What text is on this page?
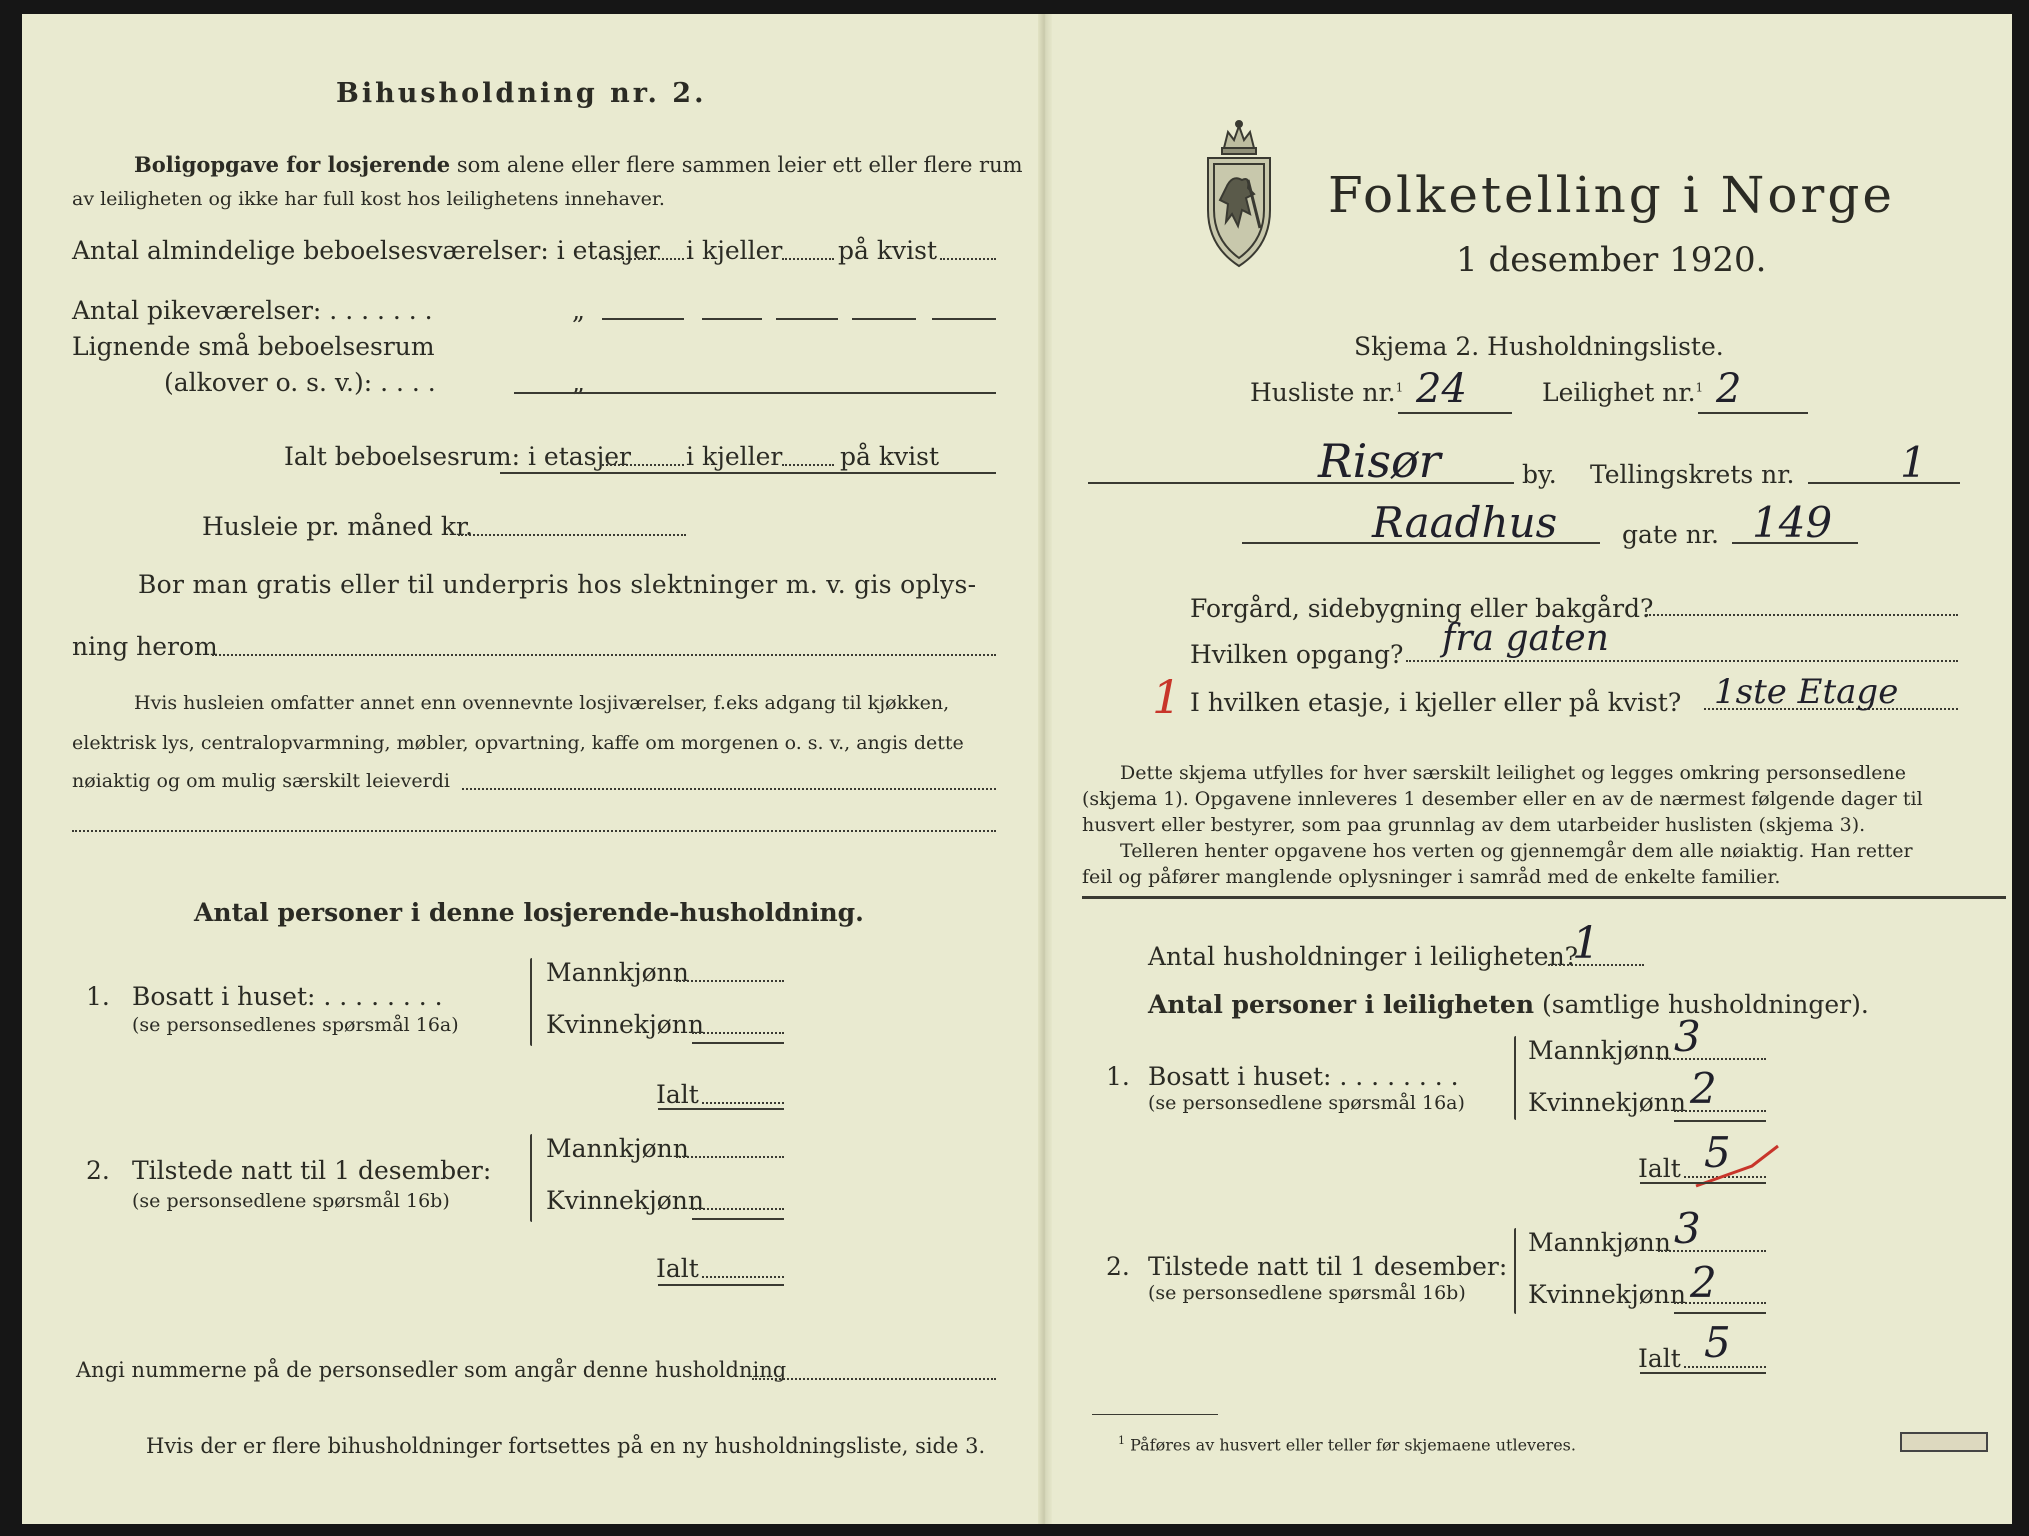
Bihusholdning nr. 2.
Boligopgave for losjerende som alene eller flere sammen leier ett eller flere rum
av leiligheten og ikke har full kost hos leilighetens innehaver.
Antal almindelige beboelsesværelser: i etasjer i kjeller på kvist
Antal pikeværelser: . . . . . . .	„
Lignende små beboelsesrum
(alkover o. s. v.): . . . .	„
Ialt beboelsesrum: i etasjer i kjeller på kvist
Husleie pr. måned kr.
Bor man gratis eller til underpris hos slektninger m. v. gis oplys-
ning herom
Hvis husleien omfatter annet enn ovennevnte losjiværelser, f.eks adgang til kjøkken,
elektrisk lys, centralopvarmning, møbler, opvartning, kaffe om morgenen o. s. v., angis dette
nøiaktig og om mulig særskilt leieverdi
Antal personer i denne losjerende-husholdning.
1. Bosatt i huset: . . . . . . . .
(se personsedlenes spørsmål 16a)
Mannkjønn
Kvinnekjønn
Ialt
2. Tilstede natt til 1 desember:
(se personsedlene spørsmål 16b)
Mannkjønn
Kvinnekjønn
Ialt
Angi nummerne på de personsedler som angår denne husholdning
Hvis der er flere bihusholdninger fortsettes på en ny husholdningsliste, side 3.
Folketelling i Norge
1 desember 1920.
Skjema 2. Husholdningsliste.
Husliste nr.$^1$ 24	Leilighet nr.$^1$ 2
Risør	by. Tellingskrets nr.	1
Raadhus	gate nr. 149
Forgård, sidebygning eller bakgård?
Hvilken opgang? fra gaten
1 I hvilken etasje, i kjeller eller på kvist? 1ste Etage
Dette skjema utfylles for hver særskilt leilighet og legges omkring personsedlene
(skjema 1). Opgavene innleveres 1 desember eller en av de nærmest følgende dager til
husvert eller bestyrer, som paa grunnlag av dem utarbeider huslisten (skjema 3).
Telleren henter opgavene hos verten og gjennemgår dem alle nøiaktig. Han retter
feil og påfører manglende oplysninger i samråd med de enkelte familier.
Antal husholdninger i leiligheten?
1
Antal personer i leiligheten (samtlige husholdninger).
1. Bosatt i huset: . . . . . . . .
(se personsedlene spørsmål 16a)
Mannkjønn 3
Kvinnekjønn 2
Ialt 5
2. Tilstede natt til 1 desember:
(se personsedlene spørsmål 16b)
Mannkjønn 3
Kvinnekjønn 2
Ialt 5
$^1$ Påføres av husvert eller teller før skjemaene utleveres.
